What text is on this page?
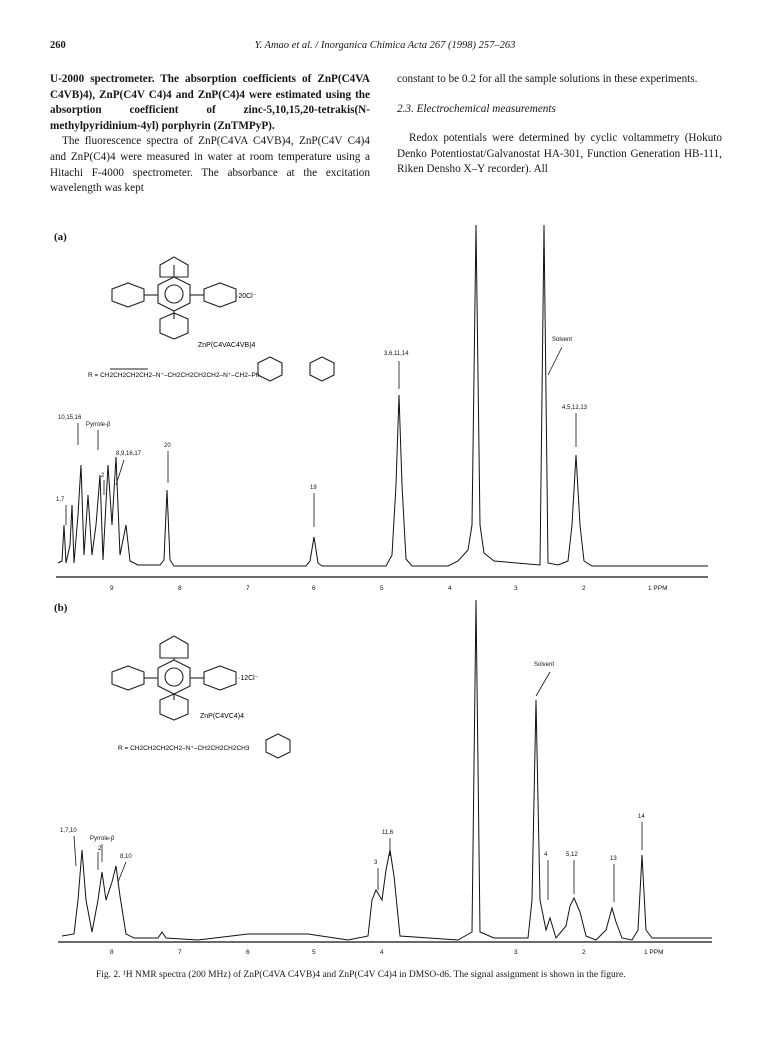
260	Y. Amao et al. / Inorganica Chimica Acta 267 (1998) 257–263

U-2000 spectrometer. The absorption coefficients of ZnP(C4VA C4VB)4), ZnP(C4V C4)4 and ZnP(C4)4 were estimated using the absorption coefficient of zinc-5,10,15,20-tetrakis(N-methylpyridinium-4yl) porphyrin (ZnTMPyP).

The fluorescence spectra of ZnP(C4VA C4VB)4, ZnP(C4V C4)4 and ZnP(C4)4 were measured in water at room temperature using a Hitachi F-4000 spectrometer. The absorbance at the excitation wavelength was kept

constant to be 0.2 for all the sample solutions in these experiments.

2.3. Electrochemical measurements

Redox potentials were determined by cyclic voltammetry (Hokuto Denko Potentiostat/Galvanostat HA-301, Function Generation HB-111, Riken Densho X–Y recorder). All

(a)
·20Cl⁻
ZnP(C4VAC4VB)4
R = CH2CH2CH2CH2–N⁺–CH2CH2CH2CH2–N⁺–CH2–Ph
1,7
10,15,16
Pyrrole-β
2
8,9,16,17
20
19
3,6,11,14
Solvent
4,5,12,13
9	8	7	6	5	4	3	2	1 PPM
(b)
·12Cl⁻
ZnP(C4VC4)4
R = CH2CH2CH2CH2–N⁺–CH2CH2CH2CH3
1,7,10
Pyrrole-β
2
8,10
3
11,6
Solvent
4	5,12
13
14
8	7	6	5	4	3	2	1 PPM
Fig. 2. ¹H NMR spectra (200 MHz) of ZnP(C4VA C4VB)4 and ZnP(C4V C4)4 in DMSO-d6. The signal assignment is shown in the figure.
